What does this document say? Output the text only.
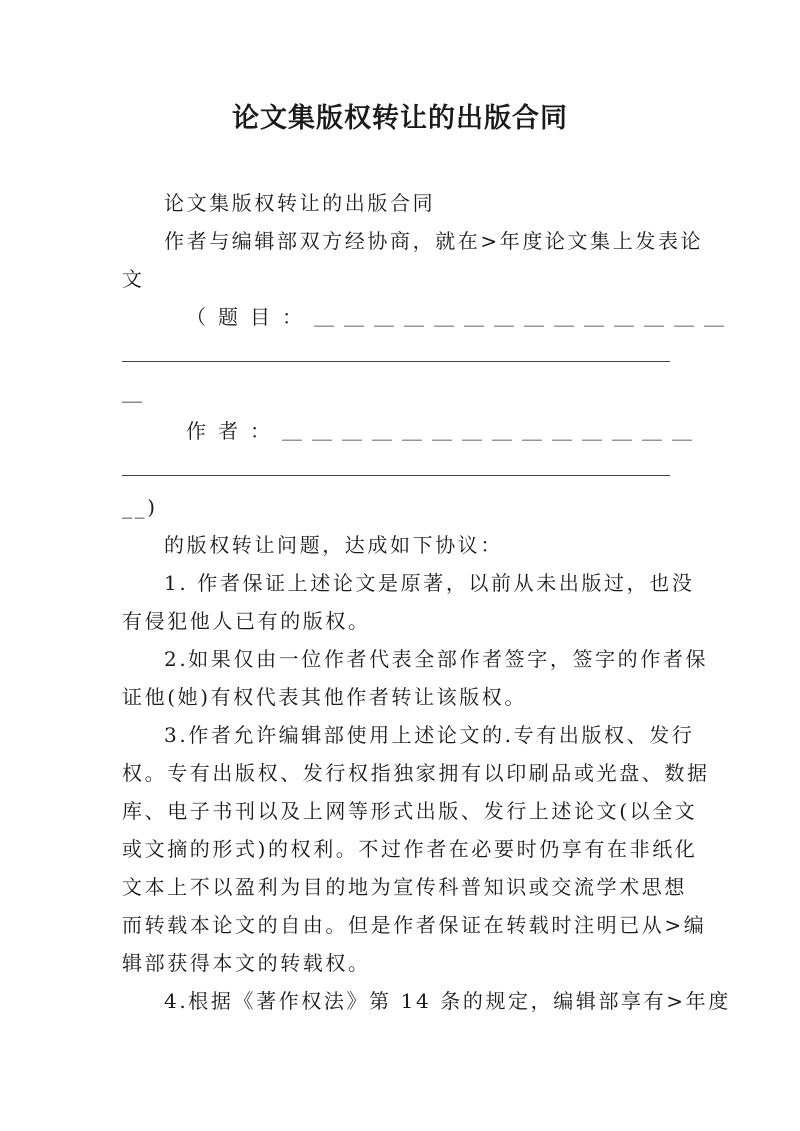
论文集版权转让的出版合同
论文集版权转让的出版合同
作者与编辑部双方经协商，就在>年度论文集上发表论
文
（题目：＿＿＿＿＿＿＿＿＿＿＿＿＿＿
＿
作者：＿＿＿＿＿＿＿＿＿＿＿＿＿＿
__)
的版权转让问题，达成如下协议：
1. 作者保证上述论文是原著，以前从未出版过，也没
有侵犯他人已有的版权。
2.如果仅由一位作者代表全部作者签字，签字的作者保
证他(她)有权代表其他作者转让该版权。
3.作者允许编辑部使用上述论文的.专有出版权、发行
权。专有出版权、发行权指独家拥有以印刷品或光盘、数据
库、电子书刊以及上网等形式出版、发行上述论文(以全文
或文摘的形式)的权利。不过作者在必要时仍享有在非纸化
文本上不以盈利为目的地为宣传科普知识或交流学术思想
而转载本论文的自由。但是作者保证在转载时注明已从>编
辑部获得本文的转载权。
4.根据《著作权法》第 14 条的规定，编辑部享有>年度
